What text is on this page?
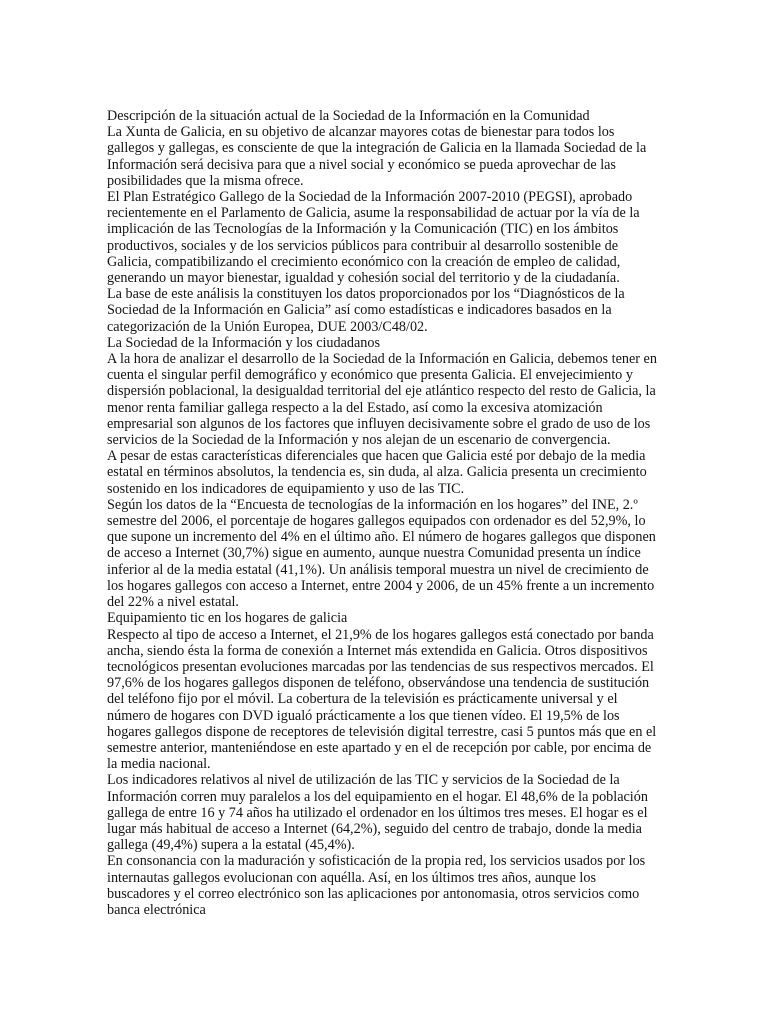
Descripción de la situación actual de la Sociedad de la Información en la Comunidad

La Xunta de Galicia, en su objetivo de alcanzar mayores cotas de bienestar para todos los gallegos y gallegas, es consciente de que la integración de Galicia en la llamada Sociedad de la Información será decisiva para que a nivel social y económico se pueda aprovechar de las posibilidades que la misma ofrece.

El Plan Estratégico Gallego de la Sociedad de la Información 2007-2010 (PEGSI), aprobado recientemente en el Parlamento de Galicia, asume la responsabilidad de actuar por la vía de la implicación de las Tecnologías de la Información y la Comunicación (TIC) en los ámbitos productivos, sociales y de los servicios públicos para contribuir al desarrollo sostenible de Galicia, compatibilizando el crecimiento económico con la creación de empleo de calidad, generando un mayor bienestar, igualdad y cohesión social del territorio y de la ciudadanía.

La base de este análisis la constituyen los datos proporcionados por los “Diagnósticos de la Sociedad de la Información en Galicia” así como estadísticas e indicadores basados en la categorización de la Unión Europea, DUE 2003/C48/02.

La Sociedad de la Información y los ciudadanos

A la hora de analizar el desarrollo de la Sociedad de la Información en Galicia, debemos tener en cuenta el singular perfil demográfico y económico que presenta Galicia. El envejecimiento y dispersión poblacional, la desigualdad territorial del eje atlántico respecto del resto de Galicia, la menor renta familiar gallega respecto a la del Estado, así como la excesiva atomización empresarial son algunos de los factores que influyen decisivamente sobre el grado de uso de los servicios de la Sociedad de la Información y nos alejan de un escenario de convergencia.

A pesar de estas características diferenciales que hacen que Galicia esté por debajo de la media estatal en términos absolutos, la tendencia es, sin duda, al alza. Galicia presenta un crecimiento sostenido en los indicadores de equipamiento y uso de las TIC.

Según los datos de la “Encuesta de tecnologías de la información en los hogares” del INE, 2.º semestre del 2006, el porcentaje de hogares gallegos equipados con ordenador es del 52,9%, lo que supone un incremento del 4% en el último año. El número de hogares gallegos que disponen de acceso a Internet (30,7%) sigue en aumento, aunque nuestra Comunidad presenta un índice inferior al de la media estatal (41,1%). Un análisis temporal muestra un nivel de crecimiento de los hogares gallegos con acceso a Internet, entre 2004 y 2006, de un 45% frente a un incremento del 22% a nivel estatal.

Equipamiento tic en los hogares de galicia

Respecto al tipo de acceso a Internet, el 21,9% de los hogares gallegos está conectado por banda ancha, siendo ésta la forma de conexión a Internet más extendida en Galicia. Otros dispositivos tecnológicos presentan evoluciones marcadas por las tendencias de sus respectivos mercados. El 97,6% de los hogares gallegos disponen de teléfono, observándose una tendencia de sustitución del teléfono fijo por el móvil. La cobertura de la televisión es prácticamente universal y el número de hogares con DVD igualó prácticamente a los que tienen vídeo. El 19,5% de los hogares gallegos dispone de receptores de televisión digital terrestre, casi 5 puntos más que en el semestre anterior, manteniéndose en este apartado y en el de recepción por cable, por encima de la media nacional.

Los indicadores relativos al nivel de utilización de las TIC y servicios de la Sociedad de la Información corren muy paralelos a los del equipamiento en el hogar. El 48,6% de la población gallega de entre 16 y 74 años ha utilizado el ordenador en los últimos tres meses. El hogar es el lugar más habitual de acceso a Internet (64,2%), seguido del centro de trabajo, donde la media gallega (49,4%) supera a la estatal (45,4%).

En consonancia con la maduración y sofisticación de la propia red, los servicios usados por los internautas gallegos evolucionan con aquélla. Así, en los últimos tres años, aunque los buscadores y el correo electrónico son las aplicaciones por antonomasia, otros servicios como banca electrónica
